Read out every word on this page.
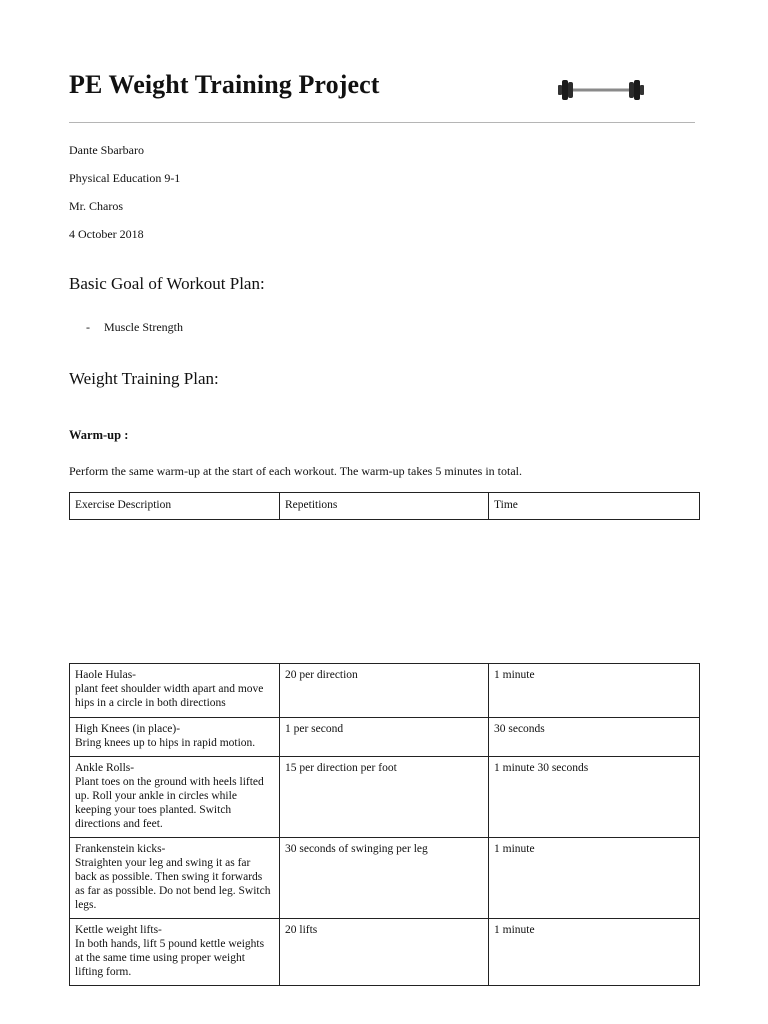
PE Weight Training Project
Dante Sbarbaro
Physical Education 9-1
Mr. Charos
4 October 2018
Basic Goal of Workout Plan:
- Muscle Strength
Weight Training Plan:
Warm-up :
Perform the same warm-up at the start of each workout. The warm-up takes 5 minutes in total.
Exercise Description	Repetitions	Time
Haole Hulas-
plant feet shoulder width apart and move hips in a circle in both directions	20 per direction	1 minute

High Knees (in place)-
Bring knees up to hips in rapid motion.	1 per second	30 seconds

Ankle Rolls-
Plant toes on the ground with heels lifted up. Roll your ankle in circles while keeping your toes planted. Switch directions and feet.	15 per direction per foot	1 minute 30 seconds

Frankenstein kicks-
Straighten your leg and swing it as far back as possible. Then swing it forwards as far as possible. Do not bend leg. Switch legs.	30 seconds of swinging per leg	1 minute

Kettle weight lifts-
In both hands, lift 5 pound kettle weights at the same time using proper weight lifting form.	20 lifts	1 minute
